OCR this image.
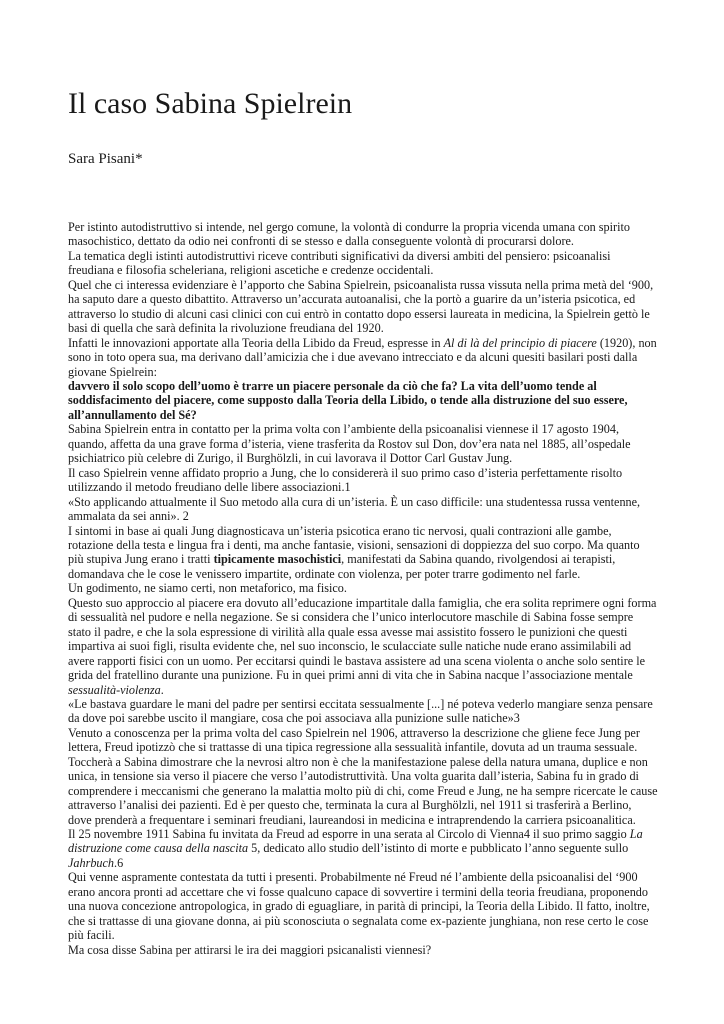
Il caso Sabina Spielrein

Sara Pisani*

Per istinto autodistruttivo si intende, nel gergo comune, la volontà di condurre la propria vicenda umana con spirito masochistico, dettato da odio nei confronti di se stesso e dalla conseguente volontà di procurarsi dolore.

La tematica degli istinti autodistruttivi riceve contributi significativi da diversi ambiti del pensiero: psicoanalisi freudiana e filosofia scheleriana, religioni ascetiche e credenze occidentali.

Quel che ci interessa evidenziare è l’apporto che Sabina Spielrein, psicoanalista russa vissuta nella prima metà del ‘900, ha saputo dare a questo dibattito. Attraverso un’accurata autoanalisi, che la portò a guarire da un’isteria psicotica, ed attraverso lo studio di alcuni casi clinici con cui entrò in contatto dopo essersi laureata in medicina, la Spielrein gettò le basi di quella che sarà definita la rivoluzione freudiana del 1920.

Infatti le innovazioni apportate alla Teoria della Libido da Freud, espresse in Al di là del principio di piacere (1920), non sono in toto opera sua, ma derivano dall’amicizia che i due avevano intrecciato e da alcuni quesiti basilari posti dalla giovane Spielrein:

davvero il solo scopo dell’uomo è trarre un piacere personale da ciò che fa? La vita dell’uomo tende al soddisfacimento del piacere, come supposto dalla Teoria della Libido, o tende alla distruzione del suo essere, all’annullamento del Sé?

Sabina Spielrein entra in contatto per la prima volta con l’ambiente della psicoanalisi viennese il 17 agosto 1904, quando, affetta da una grave forma d’isteria, viene trasferita da Rostov sul Don, dov’era nata nel 1885, all’ospedale psichiatrico più celebre di Zurigo, il Burghölzli, in cui lavorava il Dottor Carl Gustav Jung.

Il caso Spielrein venne affidato proprio a Jung, che lo considererà il suo primo caso d’isteria perfettamente risolto utilizzando il metodo freudiano delle libere associazioni.1

«Sto applicando attualmente il Suo metodo alla cura di un’isteria. È un caso difficile: una studentessa russa ventenne, ammalata da sei anni». 2

I sintomi in base ai quali Jung diagnosticava un’isteria psicotica erano tic nervosi, quali contrazioni alle gambe, rotazione della testa e lingua fra i denti, ma anche fantasie, visioni, sensazioni di doppiezza del suo corpo. Ma quanto più stupiva Jung erano i tratti tipicamente masochistici, manifestati da Sabina quando, rivolgendosi ai terapisti, domandava che le cose le venissero impartite, ordinate con violenza, per poter trarre godimento nel farle.

Un godimento, ne siamo certi, non metaforico, ma fisico.

Questo suo approccio al piacere era dovuto all’educazione impartitale dalla famiglia, che era solita reprimere ogni forma di sessualità nel pudore e nella negazione. Se si considera che l’unico interlocutore maschile di Sabina fosse sempre stato il padre, e che la sola espressione di virilità alla quale essa avesse mai assistito fossero le punizioni che questi impartiva ai suoi figli, risulta evidente che, nel suo inconscio, le sculacciate sulle natiche nude erano assimilabili ad avere rapporti fisici con un uomo. Per eccitarsi quindi le bastava assistere ad una scena violenta o anche solo sentire le grida del fratellino durante una punizione. Fu in quei primi anni di vita che in Sabina nacque l’associazione mentale sessualità-violenza.

«Le bastava guardare le mani del padre per sentirsi eccitata sessualmente [...] né poteva vederlo mangiare senza pensare da dove poi sarebbe uscito il mangiare, cosa che poi associava alla punizione sulle natiche»3

Venuto a conoscenza per la prima volta del caso Spielrein nel 1906, attraverso la descrizione che gliene fece Jung per lettera, Freud ipotizzò che si trattasse di una tipica regressione alla sessualità infantile, dovuta ad un trauma sessuale.

Toccherà a Sabina dimostrare che la nevrosi altro non è che la manifestazione palese della natura umana, duplice e non unica, in tensione sia verso il piacere che verso l’autodistruttività. Una volta guarita dall’isteria, Sabina fu in grado di comprendere i meccanismi che generano la malattia molto più di chi, come Freud e Jung, ne ha sempre ricercate le cause attraverso l’analisi dei pazienti. Ed è per questo che, terminata la cura al Burghölzli, nel 1911 si trasferirà a Berlino, dove prenderà a frequentare i seminari freudiani, laureandosi in medicina e intraprendendo la carriera psicoanalitica.

Il 25 novembre 1911 Sabina fu invitata da Freud ad esporre in una serata al Circolo di Vienna4 il suo primo saggio La distruzione come causa della nascita 5, dedicato allo studio dell’istinto di morte e pubblicato l’anno seguente sullo Jahrbuch.6

Qui venne aspramente contestata da tutti i presenti. Probabilmente né Freud né l’ambiente della psicoanalisi del ‘900 erano ancora pronti ad accettare che vi fosse qualcuno capace di sovvertire i termini della teoria freudiana, proponendo una nuova concezione antropologica, in grado di eguagliare, in parità di principi, la Teoria della Libido. Il fatto, inoltre, che si trattasse di una giovane donna, ai più sconosciuta o segnalata come ex-paziente junghiana, non rese certo le cose più facili.

Ma cosa disse Sabina per attirarsi le ira dei maggiori psicanalisti viennesi?
